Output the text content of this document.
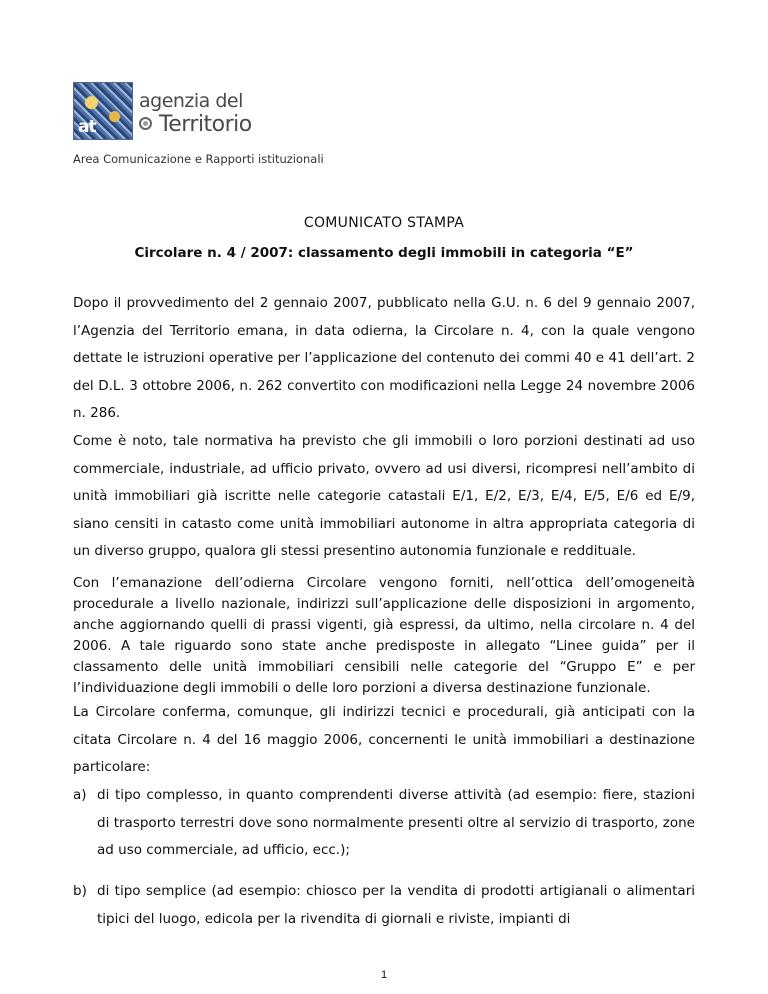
at
agenzia del
Territorio
Area Comunicazione e Rapporti istituzionali
COMUNICATO STAMPA
Circolare n. 4 / 2007: classamento degli immobili in categoria “E”

Dopo il provvedimento del 2 gennaio 2007, pubblicato nella G.U. n. 6 del 9 gennaio 2007, l’Agenzia del Territorio emana, in data odierna, la Circolare n. 4, con la quale vengono dettate le istruzioni operative per l’applicazione del contenuto dei commi 40 e 41 dell’art. 2 del D.L. 3 ottobre 2006, n. 262 convertito con modificazioni nella Legge 24 novembre 2006 n. 286.

Come è noto, tale normativa ha previsto che gli immobili o loro porzioni destinati ad uso commerciale, industriale, ad ufficio privato, ovvero ad usi diversi, ricompresi nell’ambito di unità immobiliari già iscritte nelle categorie catastali E/1, E/2, E/3, E/4, E/5, E/6 ed E/9, siano censiti in catasto come unità immobiliari autonome in altra appropriata categoria di un diverso gruppo, qualora gli stessi presentino autonomia funzionale e reddituale.

Con l’emanazione dell’odierna Circolare vengono forniti, nell’ottica dell’omogeneità procedurale a livello nazionale, indirizzi sull’applicazione delle disposizioni in argomento, anche aggiornando quelli di prassi vigenti, già espressi, da ultimo, nella circolare n. 4 del 2006. A tale riguardo sono state anche predisposte in allegato “Linee guida” per il classamento delle unità immobiliari censibili nelle categorie del “Gruppo E” e per l’individuazione degli immobili o delle loro porzioni a diversa destinazione funzionale.

La Circolare conferma, comunque, gli indirizzi tecnici e procedurali, già anticipati con la citata Circolare n. 4 del 16 maggio 2006, concernenti le unità immobiliari a destinazione particolare:

a) di tipo complesso, in quanto comprendenti diverse attività (ad esempio: fiere, stazioni di trasporto terrestri dove sono normalmente presenti oltre al servizio di trasporto, zone ad uso commerciale, ad ufficio, ecc.);
b) di tipo semplice (ad esempio: chiosco per la vendita di prodotti artigianali o alimentari tipici del luogo, edicola per la rivendita di giornali e riviste, impianti di
1
